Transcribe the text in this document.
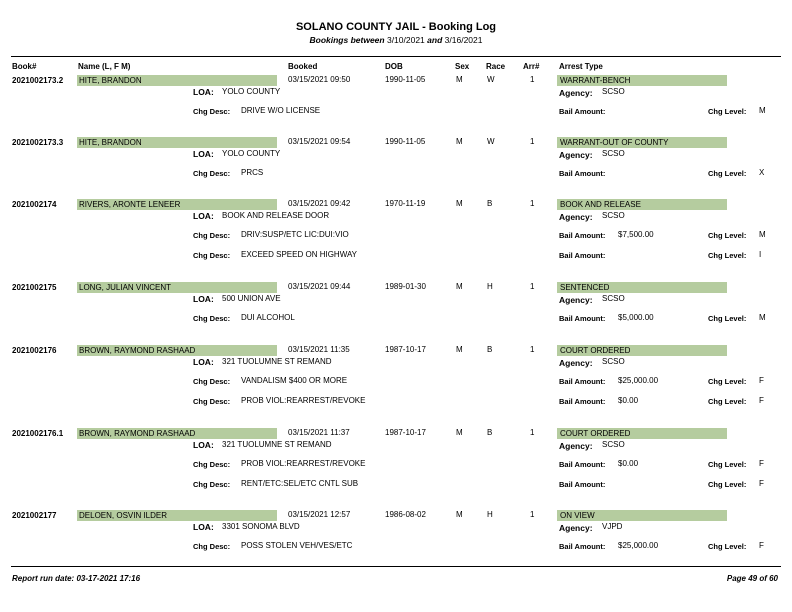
SOLANO COUNTY JAIL - Booking Log
Bookings between 3/10/2021 and 3/16/2021
Book#	Name (L, F M)	Booked	DOB	Sex Race Arr# Arrest Type
2021002173.2 HITE, BRANDON	03/15/2021 09:50	1990-11-05	M	W	1	WARRANT-BENCH
LOA: YOLO COUNTY	Agency: SCSO
Chg Desc: DRIVE W/O LICENSE	Bail Amount:	Chg Level: M
2021002173.3 HITE, BRANDON	03/15/2021 09:54	1990-11-05	M	W	1	WARRANT-OUT OF COUNTY
LOA: YOLO COUNTY	Agency: SCSO
Chg Desc: PRCS	Bail Amount:	Chg Level: X
2021002174	RIVERS, ARONTE LENEER	03/15/2021 09:42	1970-11-19	M	B	1	BOOK AND RELEASE
LOA: BOOK AND RELEASE DOOR	Agency: SCSO
Chg Desc: DRIV:SUSP/ETC LIC:DUI:VIO	Bail Amount: $7,500.00	Chg Level: M
Chg Desc: EXCEED SPEED ON HIGHWAY	Bail Amount:	Chg Level: I
2021002175	LONG, JULIAN VINCENT	03/15/2021 09:44	1989-01-30	M	H	1	SENTENCED
LOA: 500 UNION AVE	Agency: SCSO
Chg Desc: DUI ALCOHOL	Bail Amount: $5,000.00	Chg Level: M
2021002176	BROWN, RAYMOND RASHAAD	03/15/2021 11:35	1987-10-17	M	B	1	COURT ORDERED
LOA: 321 TUOLUMNE ST REMAND	Agency: SCSO
Chg Desc: VANDALISM $400 OR MORE	Bail Amount: $25,000.00	Chg Level: F
Chg Desc: PROB VIOL:REARREST/REVOKE	Bail Amount: $0.00	Chg Level: F
2021002176.1 BROWN, RAYMOND RASHAAD	03/15/2021 11:37	1987-10-17	M	B	1	COURT ORDERED
LOA: 321 TUOLUMNE ST REMAND	Agency: SCSO
Chg Desc: PROB VIOL:REARREST/REVOKE	Bail Amount: $0.00	Chg Level: F
Chg Desc: RENT/ETC:SEL/ETC CNTL SUB	Bail Amount:	Chg Level: F
2021002177	DELOEN, OSVIN ILDER	03/15/2021 12:57	1986-08-02	M	H	1	ON VIEW
LOA: 3301 SONOMA BLVD	Agency: VJPD
Chg Desc: POSS STOLEN VEH/VES/ETC	Bail Amount: $25,000.00	Chg Level: F
Report run date: 03-17-2021 17:16	Page 49 of 60
